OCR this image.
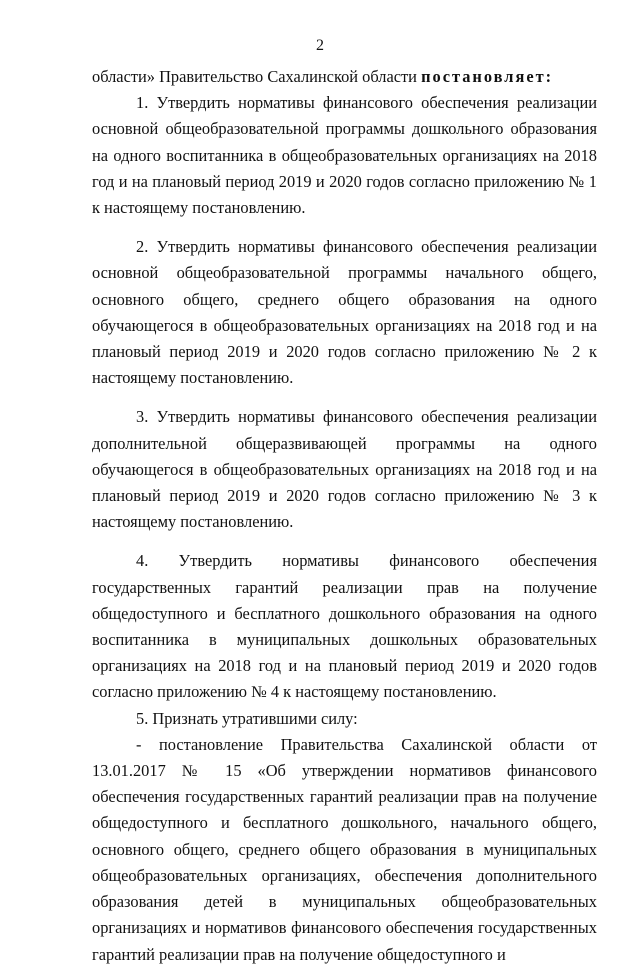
2

области» Правительство Сахалинской области постановляет:

1. Утвердить нормативы финансового обеспечения реализации основной общеобразовательной программы дошкольного образования на одного воспитанника в общеобразовательных организациях на 2018 год и на плановый период 2019 и 2020 годов согласно приложению № 1 к настоящему постановлению.

2. Утвердить нормативы финансового обеспечения реализации основной общеобразовательной программы начального общего, основного общего, среднего общего образования на одного обучающегося в общеобразовательных организациях на 2018 год и на плановый период 2019 и 2020 годов согласно приложению № 2 к настоящему постановлению.

3. Утвердить нормативы финансового обеспечения реализации дополнительной общеразвивающей программы на одного обучающегося в общеобразовательных организациях на 2018 год и на плановый период 2019 и 2020 годов согласно приложению № 3 к настоящему постановлению.

4. Утвердить нормативы финансового обеспечения государственных гарантий реализации прав на получение общедоступного и бесплатного дошкольного образования на одного воспитанника в муниципальных дошкольных образовательных организациях на 2018 год и на плановый период 2019 и 2020 годов согласно приложению № 4 к настоящему постановлению.

5. Признать утратившими силу:

- постановление Правительства Сахалинской области от 13.01.2017 № 15 «Об утверждении нормативов финансового обеспечения государственных гарантий реализации прав на получение общедоступного и бесплатного дошкольного, начального общего, основного общего, среднего общего образования в муниципальных общеобразовательных организациях, обеспечения дополнительного образования детей в муниципальных общеобразовательных организациях и нормативов финансового обеспечения государственных гарантий реализации прав на получение общедоступного и
